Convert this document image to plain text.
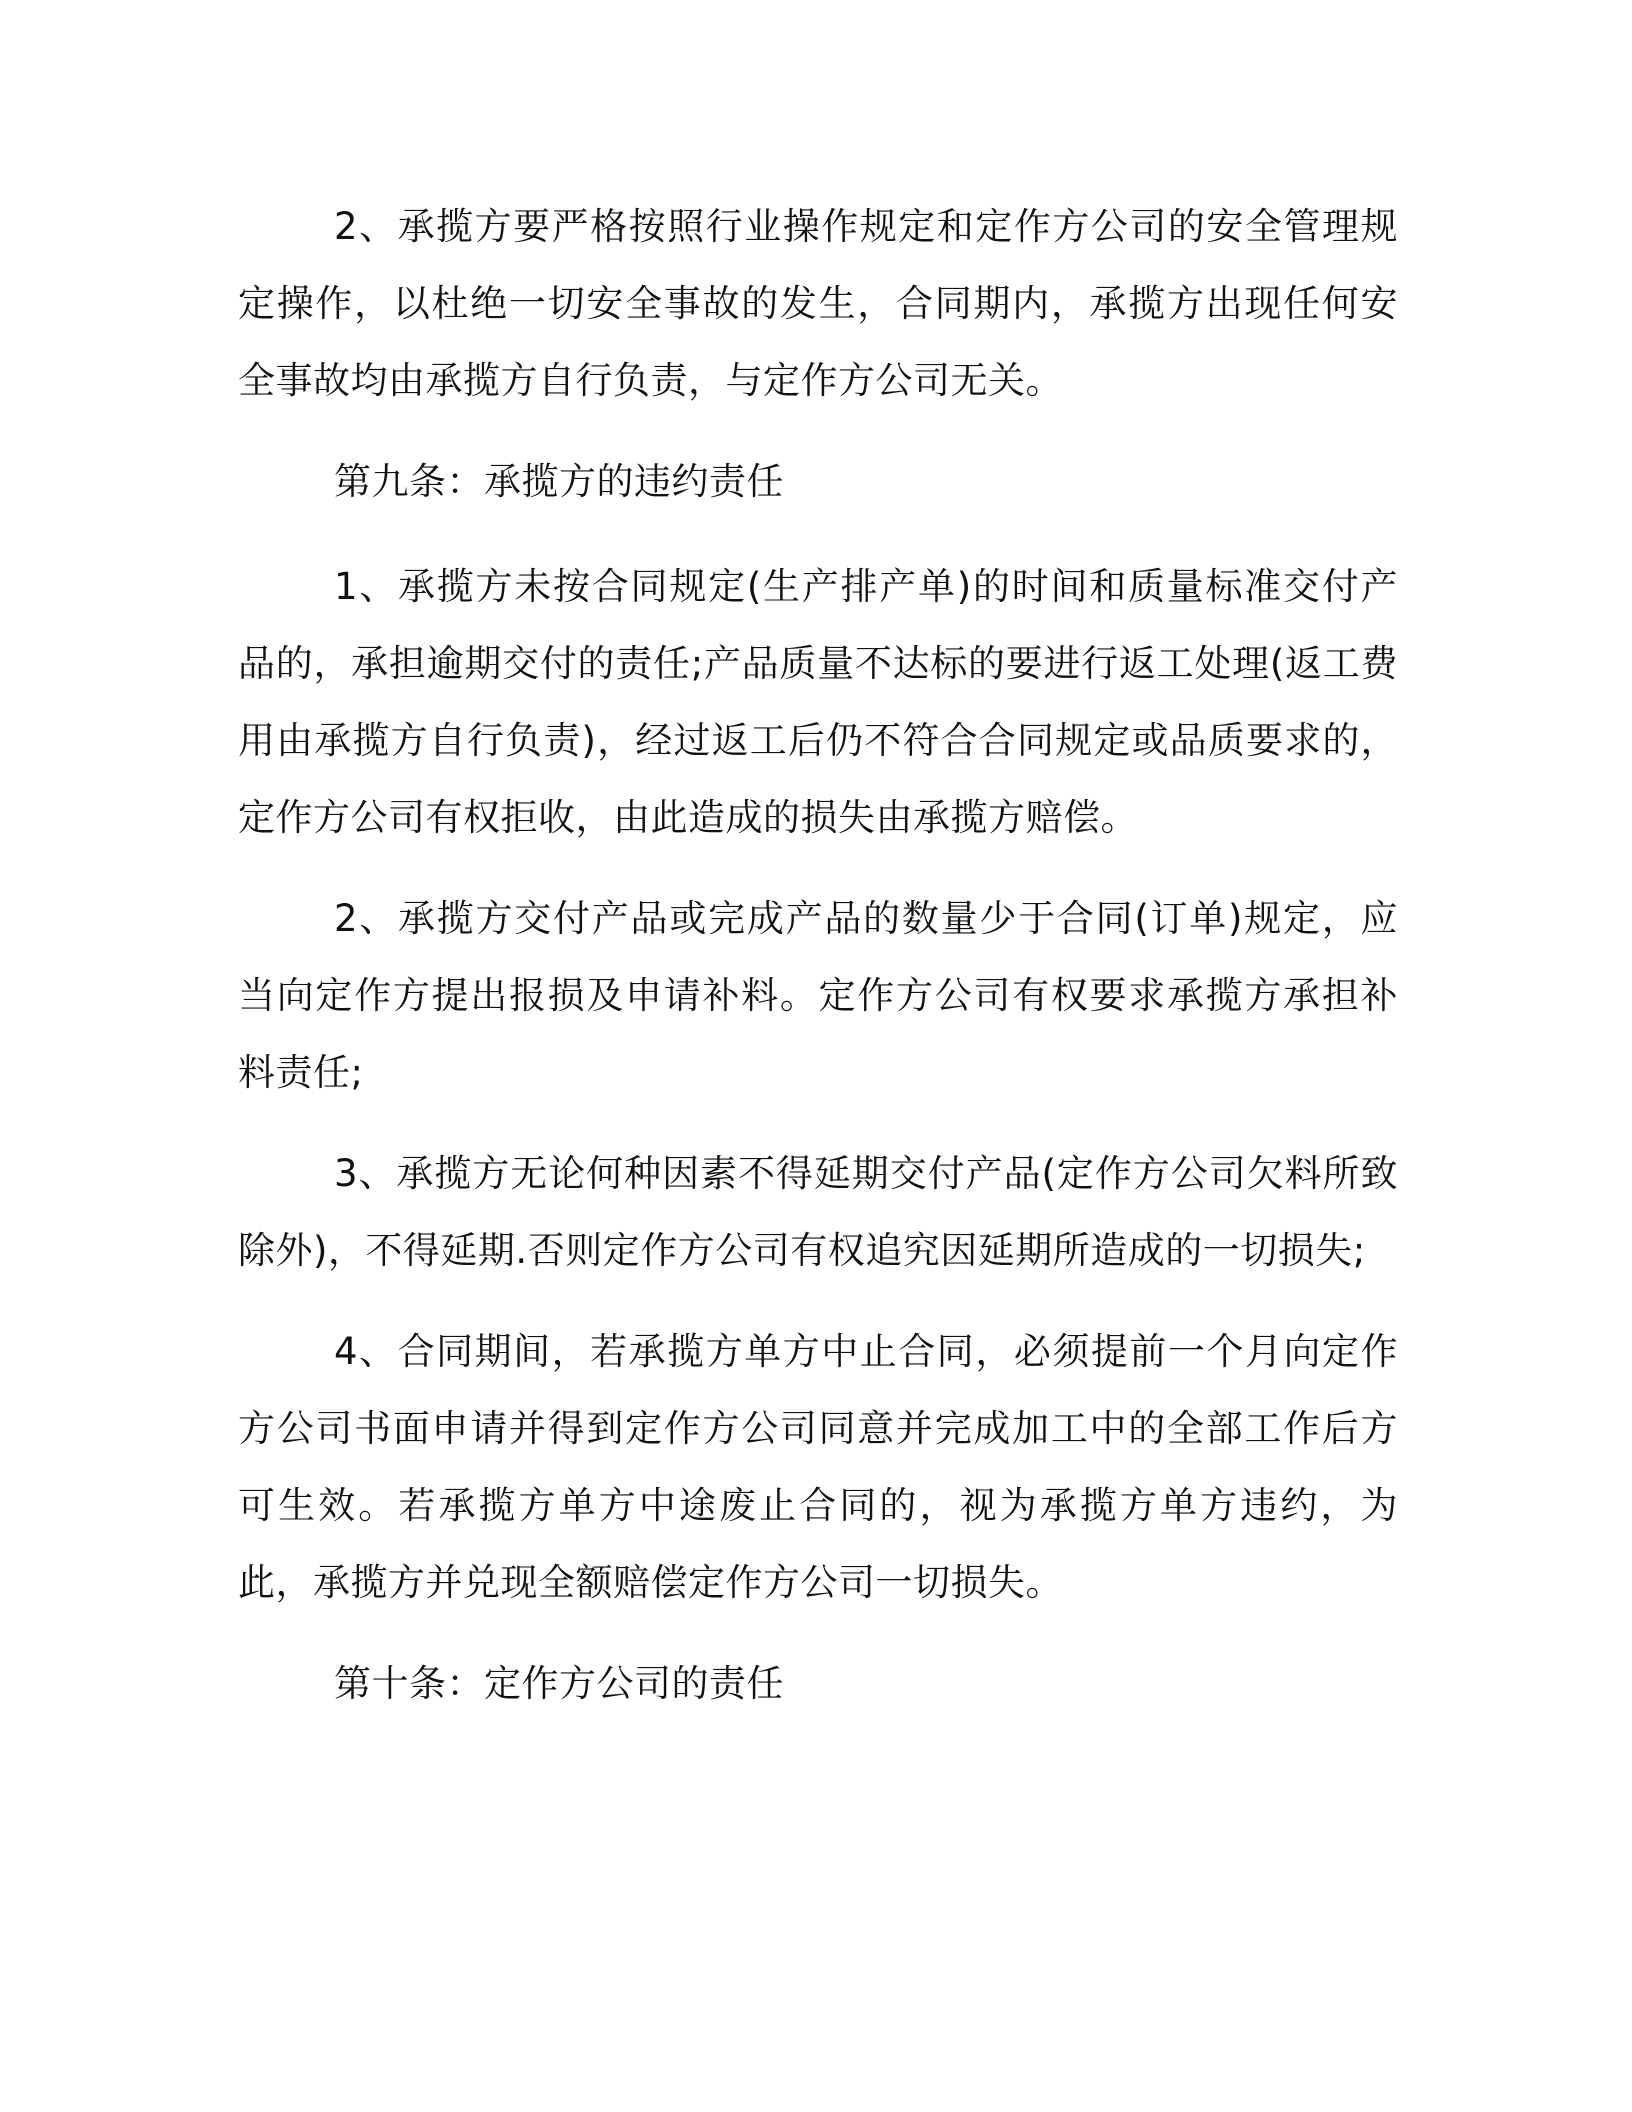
2、承揽方要严格按照行业操作规定和定作方公司的安全管理规定操作，以杜绝一切安全事故的发生，合同期内，承揽方出现任何安全事故均由承揽方自行负责，与定作方公司无关。

第九条：承揽方的违约责任

1、承揽方未按合同规定(生产排产单)的时间和质量标准交付产品的，承担逾期交付的责任;产品质量不达标的要进行返工处理(返工费用由承揽方自行负责)，经过返工后仍不符合合同规定或品质要求的，定作方公司有权拒收，由此造成的损失由承揽方赔偿。

2、承揽方交付产品或完成产品的数量少于合同(订单)规定，应当向定作方提出报损及申请补料。定作方公司有权要求承揽方承担补料责任;

3、承揽方无论何种因素不得延期交付产品(定作方公司欠料所致除外)，不得延期.否则定作方公司有权追究因延期所造成的一切损失;

4、合同期间，若承揽方单方中止合同，必须提前一个月向定作方公司书面申请并得到定作方公司同意并完成加工中的全部工作后方可生效。若承揽方单方中途废止合同的，视为承揽方单方违约，为此，承揽方并兑现全额赔偿定作方公司一切损失。

第十条：定作方公司的责任
